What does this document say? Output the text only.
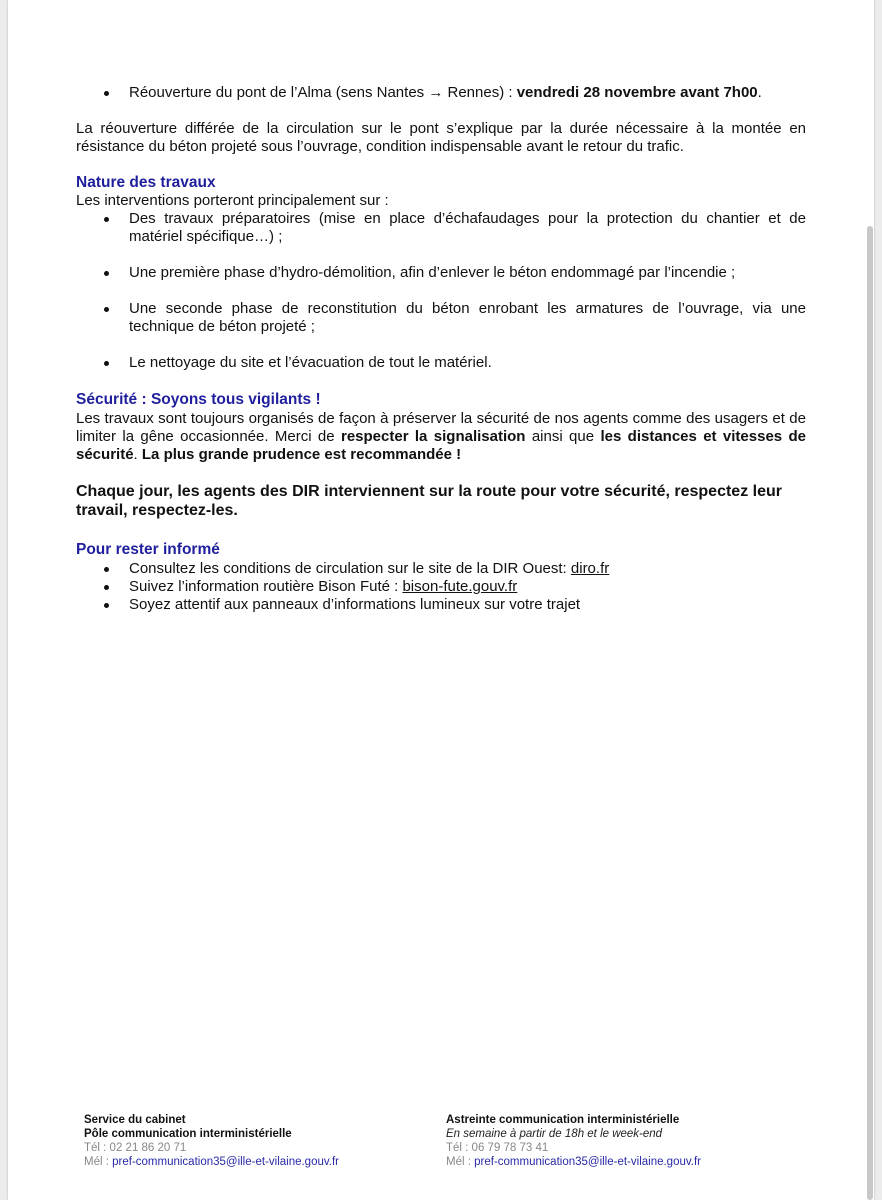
Réouverture du pont de l’Alma (sens Nantes → Rennes) : vendredi 28 novembre avant 7h00.

La réouverture différée de la circulation sur le pont s’explique par la durée nécessaire à la montée en résistance du béton projeté sous l’ouvrage, condition indispensable avant le retour du trafic.

Nature des travaux
Les interventions porteront principalement sur :
Des travaux préparatoires (mise en place d’échafaudages pour la protection du chantier et de matériel spécifique…) ;
Une première phase d’hydro-démolition, afin d’enlever le béton endommagé par l’incendie ;
Une seconde phase de reconstitution du béton enrobant les armatures de l’ouvrage, via une technique de béton projeté ;
Le nettoyage du site et l’évacuation de tout le matériel.
Sécurité : Soyons tous vigilants !

Les travaux sont toujours organisés de façon à préserver la sécurité de nos agents comme des usagers et de limiter la gêne occasionnée. Merci de respecter la signalisation ainsi que les distances et vitesses de sécurité. La plus grande prudence est recommandée !

Chaque jour, les agents des DIR interviennent sur la route pour votre sécurité, respectez leur travail, respectez-les.

Pour rester informé
Consultez les conditions de circulation sur le site de la DIR Ouest: diro.fr
Suivez l’information routière Bison Futé : bison-fute.gouv.fr
Soyez attentif aux panneaux d’informations lumineux sur votre trajet
Service du cabinet
Pôle communication interministérielle
Tél : 02 21 86 20 71
Mél : pref-communication35@ille-et-vilaine.gouv.fr
Astreinte communication interministérielle
En semaine à partir de 18h et le week-end
Tél : 06 79 78 73 41
Mél : pref-communication35@ille-et-vilaine.gouv.fr
